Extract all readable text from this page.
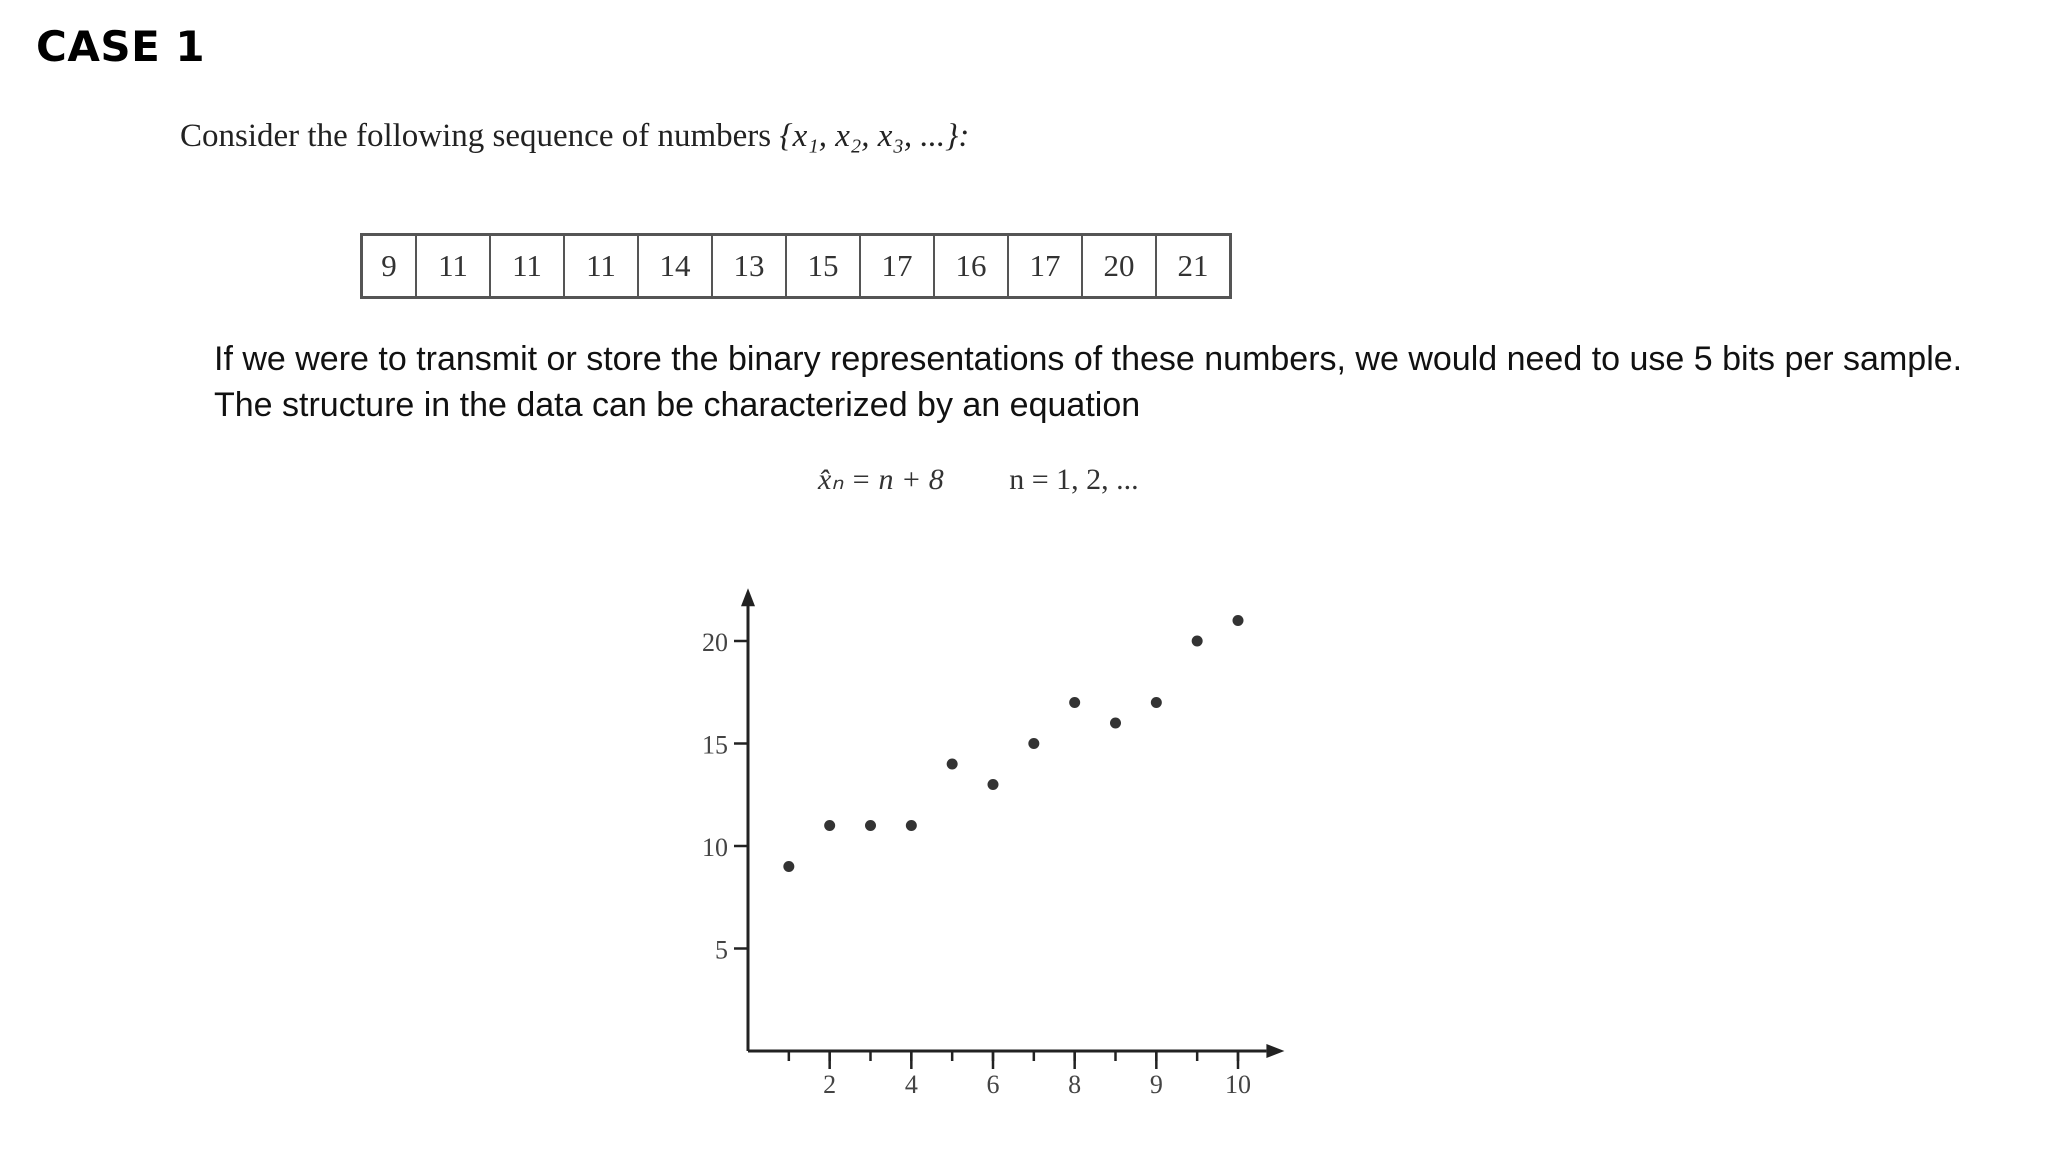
CASE 1
Consider the following sequence of numbers {x₁, x₂, x₃, ...}:
9	11	11	11	14	13	15	17	16	17	20	21
If we were to transmit or store the binary representations of these numbers, we would need to use 5 bits per sample. The structure in the data can be characterized by an equation
x̂ₙ = n + 8 n = 1, 2, ...
5
10
15
20
2	4	6	8	9 10
